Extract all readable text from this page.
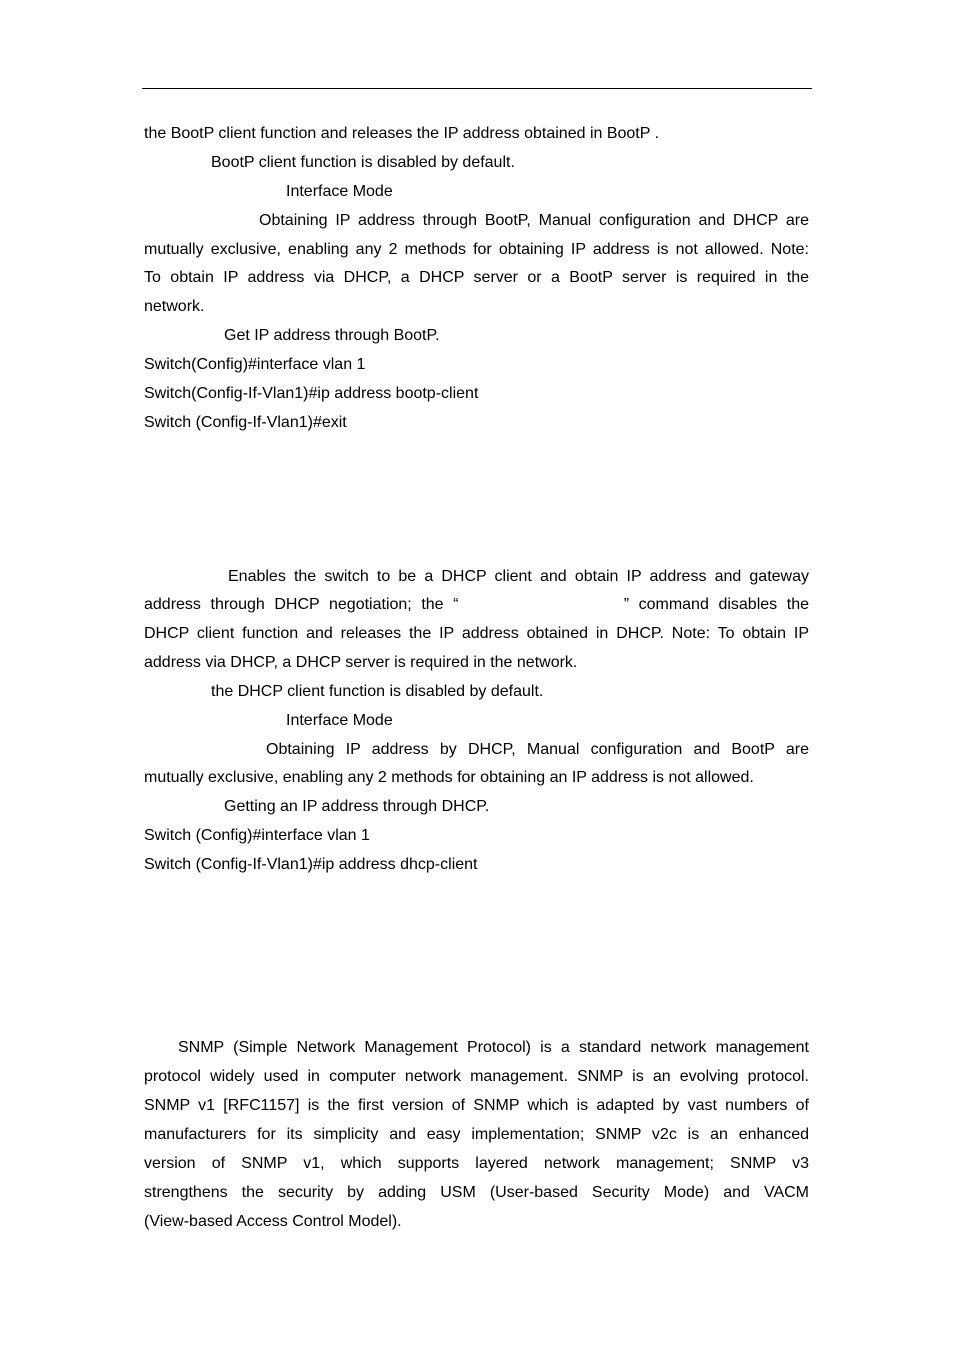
the BootP client function and releases the IP address obtained in BootP .
BootP client function is disabled by default.
Interface Mode
Obtaining IP address through BootP, Manual configuration and DHCP are
mutually exclusive, enabling any 2 methods for obtaining IP address is not allowed. Note:
To obtain IP address via DHCP, a DHCP server or a BootP server is required in the
network.
Get IP address through BootP.
Switch(Config)#interface vlan 1
Switch(Config-If-Vlan1)#ip address bootp-client
Switch (Config-If-Vlan1)#exit
Enables the switch to be a DHCP client and obtain IP address and gateway
address through DHCP negotiation; the “	” command disables the
DHCP client function and releases the IP address obtained in DHCP. Note: To obtain IP
address via DHCP, a DHCP server is required in the network.
the DHCP client function is disabled by default.
Interface Mode
Obtaining IP address by DHCP, Manual configuration and BootP are
mutually exclusive, enabling any 2 methods for obtaining an IP address is not allowed.
Getting an IP address through DHCP.
Switch (Config)#interface vlan 1
Switch (Config-If-Vlan1)#ip address dhcp-client
SNMP (Simple Network Management Protocol) is a standard network management
protocol widely used in computer network management. SNMP is an evolving protocol.
SNMP v1 [RFC1157] is the first version of SNMP which is adapted by vast numbers of
manufacturers for its simplicity and easy implementation; SNMP v2c is an enhanced
version of SNMP v1, which supports layered network management; SNMP v3
strengthens the security by adding USM (User-based Security Mode) and VACM
(View-based Access Control Model).
